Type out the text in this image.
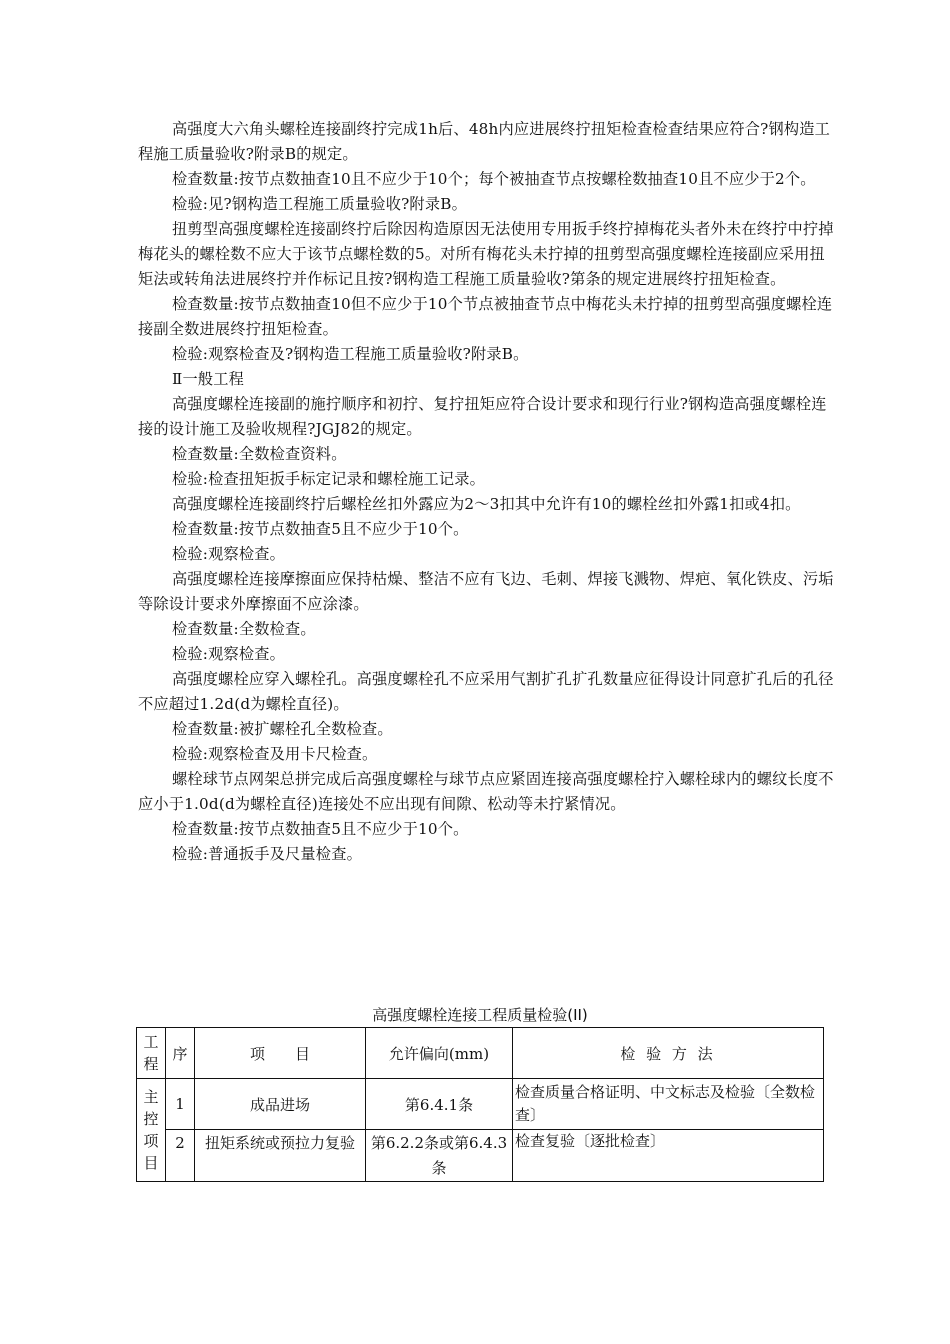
高强度大六角头螺栓连接副终拧完成1h后、48h内应进展终拧扭矩检查检查结果应符合?钢构造工程施工质量验收?附录B的规定。

检查数量:按节点数抽查10且不应少于10个；每个被抽查节点按螺栓数抽查10且不应少于2个。

检验:见?钢构造工程施工质量验收?附录B。

扭剪型高强度螺栓连接副终拧后除因构造原因无法使用专用扳手终拧掉梅花头者外未在终拧中拧掉梅花头的螺栓数不应大于该节点螺栓数的5。对所有梅花头未拧掉的扭剪型高强度螺栓连接副应采用扭矩法或转角法进展终拧并作标记且按?钢构造工程施工质量验收?第条的规定进展终拧扭矩检查。

检查数量:按节点数抽查10但不应少于10个节点被抽查节点中梅花头未拧掉的扭剪型高强度螺栓连接副全数进展终拧扭矩检查。

检验:观察检查及?钢构造工程施工质量验收?附录B。

Ⅱ一般工程

高强度螺栓连接副的施拧顺序和初拧、复拧扭矩应符合设计要求和现行行业?钢构造高强度螺栓连接的设计施工及验收规程?JGJ82的规定。

检查数量:全数检查资料。

检验:检查扭矩扳手标定记录和螺栓施工记录。

高强度螺栓连接副终拧后螺栓丝扣外露应为2～3扣其中允许有10的螺栓丝扣外露1扣或4扣。

检查数量:按节点数抽查5且不应少于10个。

检验:观察检查。

高强度螺栓连接摩擦面应保持枯燥、整洁不应有飞边、毛刺、焊接飞溅物、焊疤、氧化铁皮、污垢等除设计要求外摩擦面不应涂漆。

检查数量:全数检查。

检验:观察检查。

高强度螺栓应穿入螺栓孔。高强度螺栓孔不应采用气割扩孔扩孔数量应征得设计同意扩孔后的孔径不应超过1.2d(d为螺栓直径)。

检查数量:被扩螺栓孔全数检查。

检验:观察检查及用卡尺检查。

螺栓球节点网架总拼完成后高强度螺栓与球节点应紧固连接高强度螺栓拧入螺栓球内的螺纹长度不应小于1.0d(d为螺栓直径)连接处不应出现有间隙、松动等未拧紧情况。

检查数量:按节点数抽查5且不应少于10个。

检验:普通扳手及尺量检查。

高强度螺栓连接工程质量检验(II)
工程	序	项　　目	允许偏向(mm)	检 验 方 法
主控项目	1	成品进场	第6.4.1条	检查质量合格证明、中文标志及检验〔全数检查〕
	2	扭矩系统或预拉力复验	第6.2.2条或第6.4.3条	检查复验〔逐批检查〕
